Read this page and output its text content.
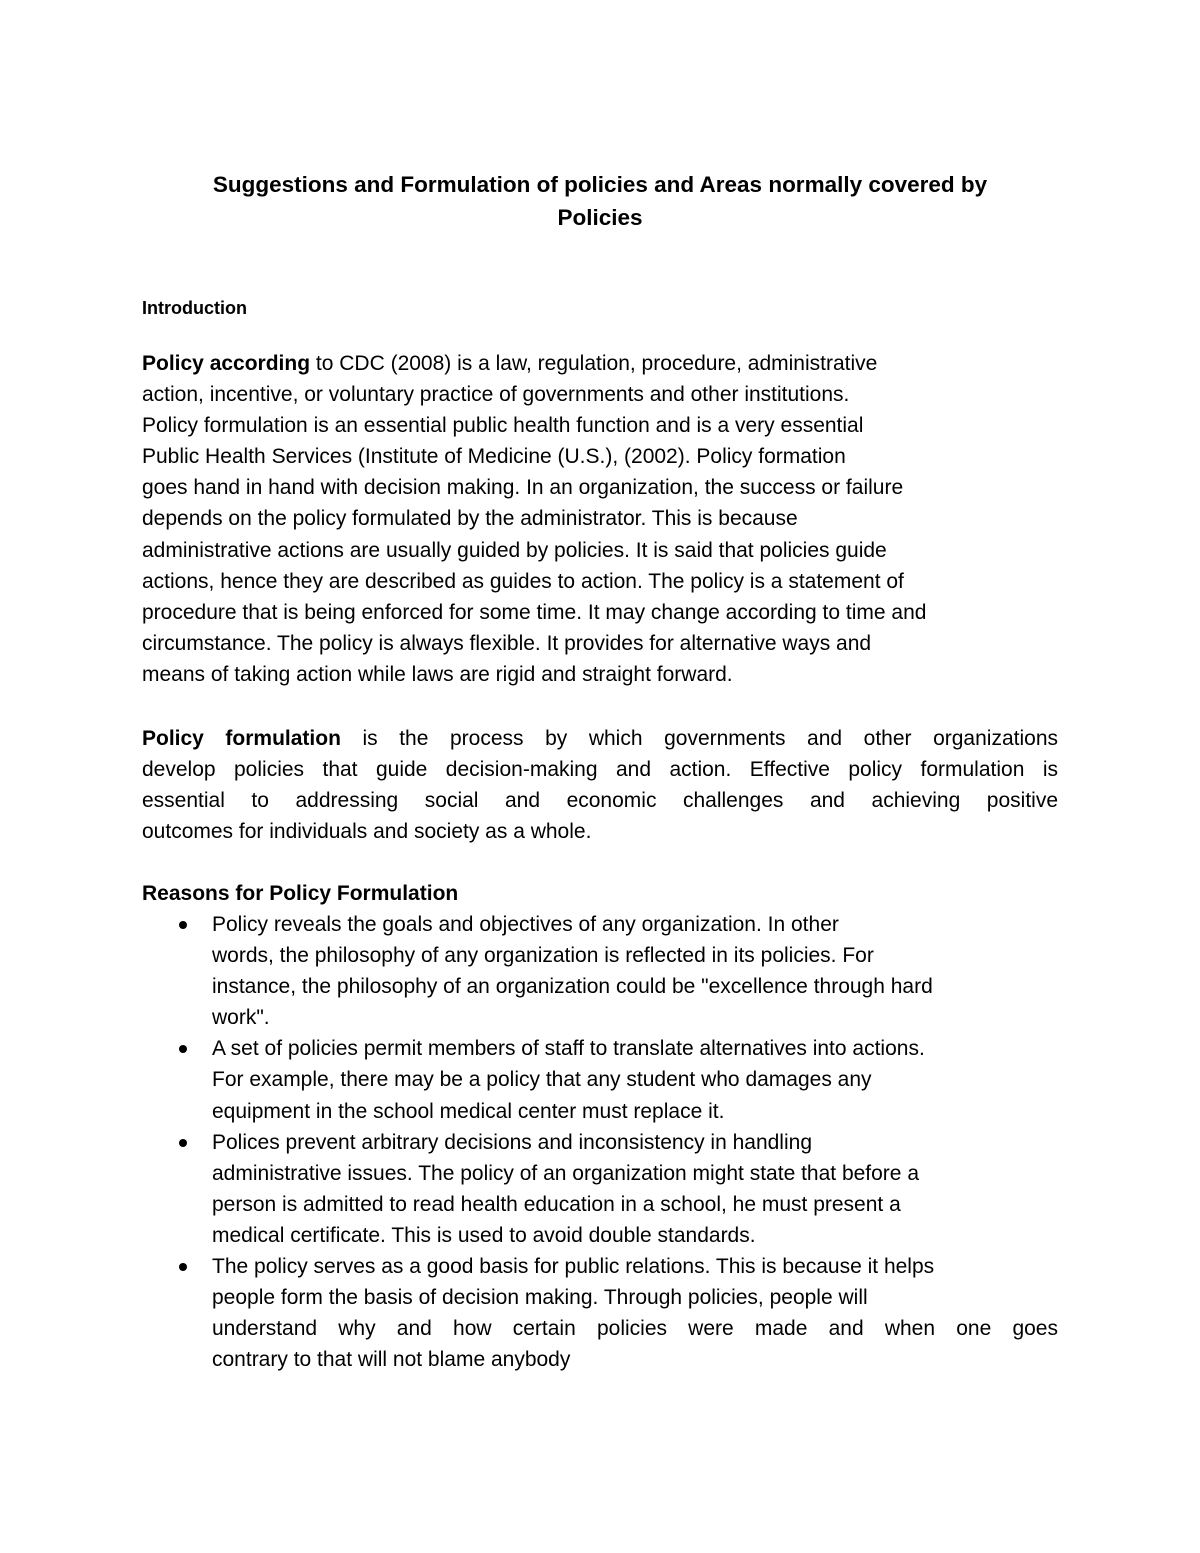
Suggestions and Formulation of policies and Areas normally covered by
Policies
Introduction
Policy according to CDC (2008) is a law, regulation, procedure, administrative
action, incentive, or voluntary practice of governments and other institutions.
Policy formulation is an essential public health function and is a very essential
Public Health Services (Institute of Medicine (U.S.), (2002). Policy formation
goes hand in hand with decision making. In an organization, the success or failure
depends on the policy formulated by the administrator. This is because
administrative actions are usually guided by policies. It is said that policies guide
actions, hence they are described as guides to action. The policy is a statement of
procedure that is being enforced for some time. It may change according to time and
circumstance. The policy is always flexible. It provides for alternative ways and
means of taking action while laws are rigid and straight forward.
Policy formulation is the process by which governments and other organizations
develop policies that guide decision-making and action. Effective policy formulation is
essential to addressing social and economic challenges and achieving positive
outcomes for individuals and society as a whole.
Reasons for Policy Formulation
Policy reveals the goals and objectives of any organization. In other
words, the philosophy of any organization is reflected in its policies. For
instance, the philosophy of an organization could be "excellence through hard
work".
A set of policies permit members of staff to translate alternatives into actions.
For example, there may be a policy that any student who damages any
equipment in the school medical center must replace it.
Polices prevent arbitrary decisions and inconsistency in handling
administrative issues. The policy of an organization might state that before a
person is admitted to read health education in a school, he must present a
medical certificate. This is used to avoid double standards.
The policy serves as a good basis for public relations. This is because it helps
people form the basis of decision making. Through policies, people will
understand why and how certain policies were made and when one goes
contrary to that will not blame anybody
